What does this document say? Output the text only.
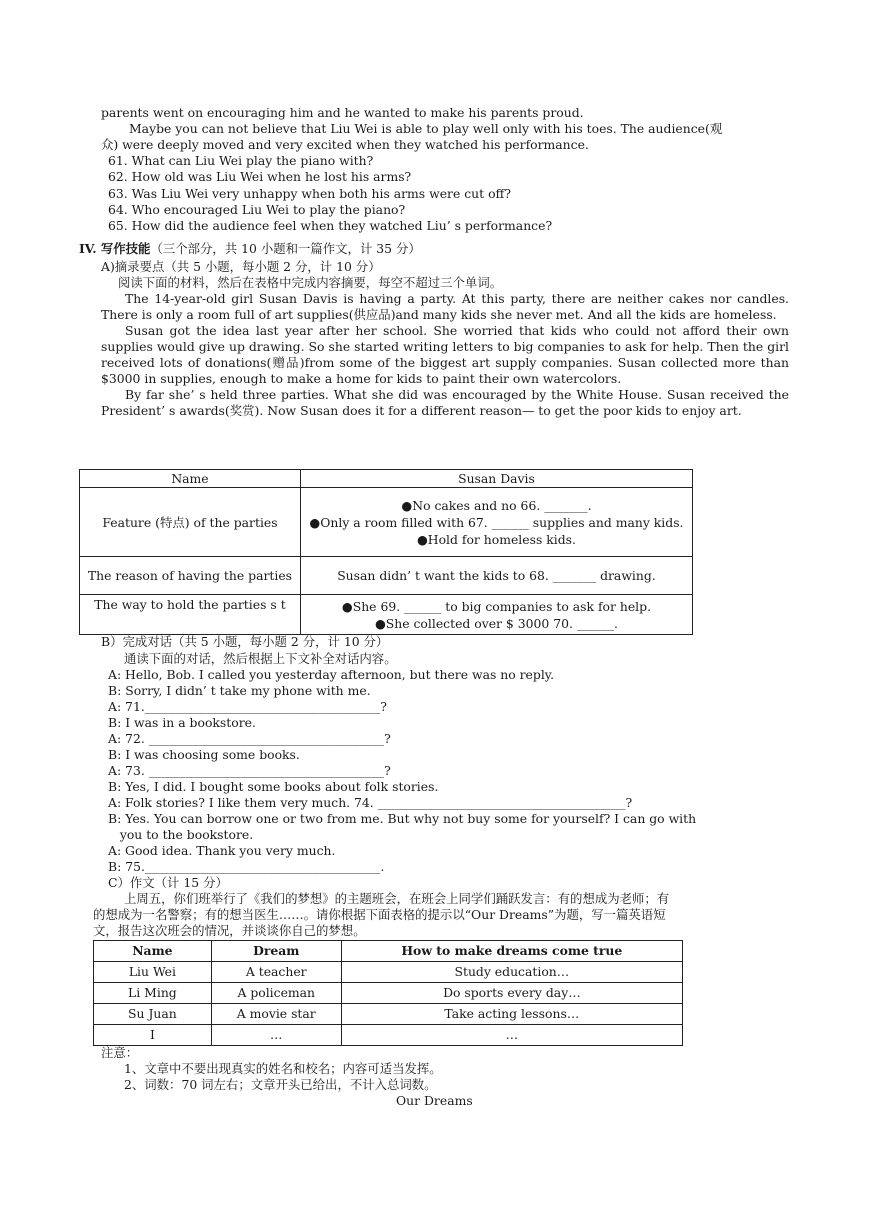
parents went on encouraging him and he wanted to make his parents proud.
Maybe you can not believe that Liu Wei is able to play well only with his toes. The audience(观
众) were deeply moved and very excited when they watched his performance.
61. What can Liu Wei play the piano with?
62. How old was Liu Wei when he lost his arms?
63. Was Liu Wei very unhappy when both his arms were cut off?
64. Who encouraged Liu Wei to play the piano?
65. How did the audience feel when they watched Liu’ s performance?
IV. 写作技能（三个部分，共 10 小题和一篇作文，计 35 分）
A)摘录要点（共 5 小题，每小题 2 分，计 10 分）
阅读下面的材料，然后在表格中完成内容摘要，每空不超过三个单词。

The 14-year-old girl Susan Davis is having a party. At this party, there are neither cakes nor candles. There is only a room full of art supplies(供应品)and many kids she never met. And all the kids are homeless.

Susan got the idea last year after her school. She worried that kids who could not afford their own supplies would give up drawing. So she started writing letters to big companies to ask for help. Then the girl received lots of donations(赠品)from some of the biggest art supply companies. Susan collected more than $3000 in supplies, enough to make a home for kids to paint their own watercolors.

By far she’ s held three parties. What she did was encouraged by the White House. Susan received the President’ s awards(奖赏). Now Susan does it for a different reason— to get the poor kids to enjoy art.

Name	Susan Davis

Feature (特点) of the parties	●No cakes and no 66. _______.
●Only a room filled with 67. ______ supplies and many kids.
●Hold for homeless kids.

The reason of having the parties	Susan didn’ t want the kids to 68. _______ drawing.

The way to hold the parties s t	●She 69. ______ to big companies to ask for help.
●She collected over $ 3000 70. ______.
B）完成对话（共 5 小题，每小题 2 分，计 10 分）
通读下面的对话，然后根据上下文补全对话内容。
A: Hello, Bob. I called you yesterday afternoon, but there was no reply.
B: Sorry, I didn’ t take my phone with me.
A: 71.______________________________________?
B: I was in a bookstore.
A: 72. ______________________________________?
B: I was choosing some books.
A: 73. ______________________________________?
B: Yes, I did. I bought some books about folk stories.
A: Folk stories? I like them very much. 74. ________________________________________?
B: Yes. You can borrow one or two from me. But why not buy some for yourself? I can go with
you to the bookstore.
A: Good idea. Thank you very much.
B: 75.______________________________________.
C）作文（计 15 分）
上周五，你们班举行了《我们的梦想》的主题班会，在班会上同学们踊跃发言：有的想成为老师；有
的想成为一名警察；有的想当医生……。请你根据下面表格的提示以“Our Dreams”为题，写一篇英语短
文，报告这次班会的情况，并谈谈你自己的梦想。
Name	Dream	How to make dreams come true
Liu Wei	A teacher	Study education…
Li Ming	A policeman	Do sports every day…
Su Juan	A movie star	Take acting lessons…
I	…	…
注意：
1、文章中不要出现真实的姓名和校名；内容可适当发挥。
2、词数：70 词左右；文章开头已给出，不计入总词数。
Our Dreams
